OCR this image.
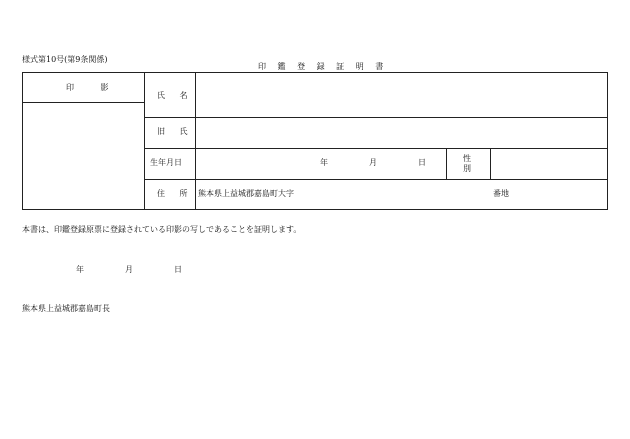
様式第10号(第9条関係)
印 鑑 登 録 証 明 書
印 影
氏 名
旧 氏
生年月日	年	月	日	性
別
住 所 熊本県上益城郡嘉島町大字	番地
本書は、印鑑登録原票に登録されている印影の写しであることを証明します。
年	月	日
熊本県上益城郡嘉島町長
